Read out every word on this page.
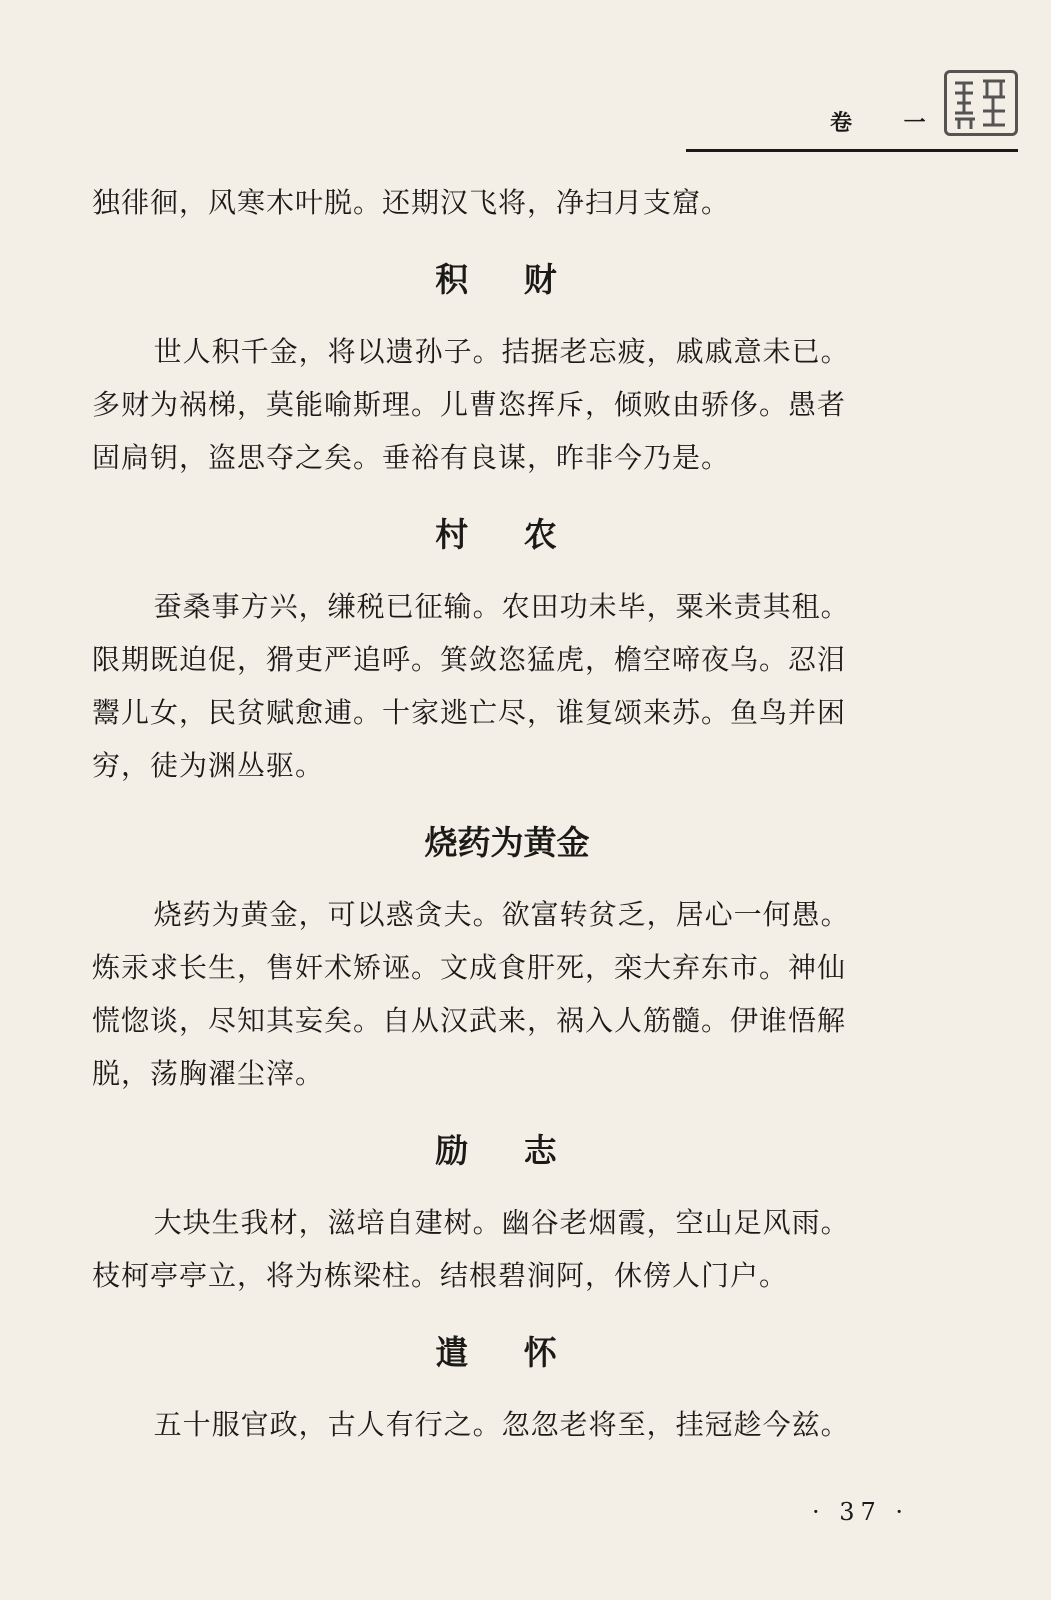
卷 一

独徘徊，风寒木叶脱。还期汉飞将，净扫月支窟。

积 财

世人积千金，将以遗孙子。拮据老忘疲，戚戚意未已。

多财为祸梯，莫能喻斯理。儿曹恣挥斥，倾败由骄侈。愚者

固扃钥，盗思夺之矣。垂裕有良谋，昨非今乃是。

村 农

蚕桑事方兴，缣税已征输。农田功未毕，粟米责其租。

限期既迫促，猾吏严追呼。箕敛恣猛虎，檐空啼夜乌。忍泪

鬻儿女，民贫赋愈逋。十家逃亡尽，谁复颂来苏。鱼鸟并困

穷，徒为渊丛驱。

烧药为黄金

烧药为黄金，可以惑贪夫。欲富转贫乏，居心一何愚。

炼汞求长生，售奸术矫诬。文成食肝死，栾大弃东市。神仙

慌惚谈，尽知其妄矣。自从汉武来，祸入人筋髓。伊谁悟解

脱，荡胸濯尘滓。

励 志

大块生我材，滋培自建树。幽谷老烟霞，空山足风雨。

枝柯亭亭立，将为栋梁柱。结根碧涧阿，休傍人门户。

遣 怀

五十服官政，古人有行之。忽忽老将至，挂冠趁今兹。

· 37 ·
